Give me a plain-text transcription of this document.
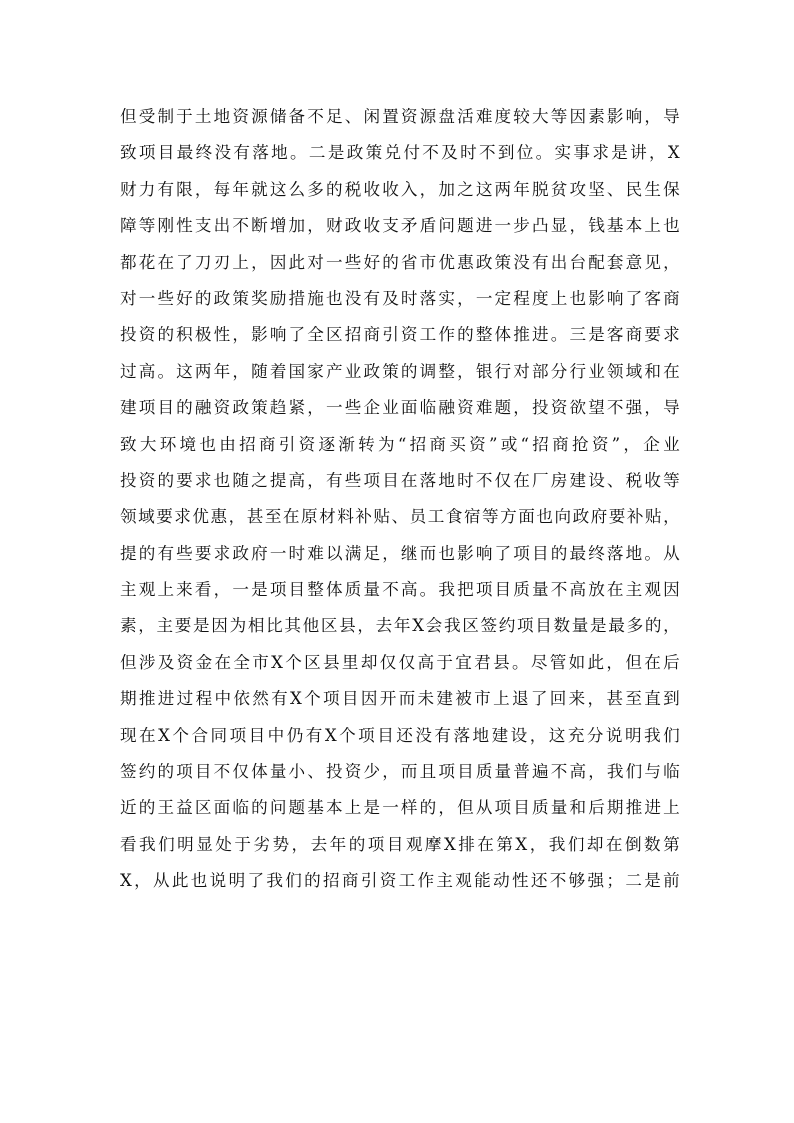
但受制于土地资源储备不足、闲置资源盘活难度较大等因素影响，导
致项目最终没有落地。二是政策兑付不及时不到位。实事求是讲，X
财力有限，每年就这么多的税收收入，加之这两年脱贫攻坚、民生保
障等刚性支出不断增加，财政收支矛盾问题进一步凸显，钱基本上也
都花在了刀刃上，因此对一些好的省市优惠政策没有出台配套意见，
对一些好的政策奖励措施也没有及时落实，一定程度上也影响了客商
投资的积极性，影响了全区招商引资工作的整体推进。三是客商要求
过高。这两年，随着国家产业政策的调整，银行对部分行业领域和在
建项目的融资政策趋紧，一些企业面临融资难题，投资欲望不强，导
致大环境也由招商引资逐渐转为“招商买资”或“招商抢资”，企业
投资的要求也随之提高，有些项目在落地时不仅在厂房建设、税收等
领域要求优惠，甚至在原材料补贴、员工食宿等方面也向政府要补贴，
提的有些要求政府一时难以满足，继而也影响了项目的最终落地。从
主观上来看，一是项目整体质量不高。我把项目质量不高放在主观因
素，主要是因为相比其他区县，去年X会我区签约项目数量是最多的，
但涉及资金在全市X个区县里却仅仅高于宜君县。尽管如此，但在后
期推进过程中依然有X个项目因开而未建被市上退了回来，甚至直到
现在X个合同项目中仍有X个项目还没有落地建设，这充分说明我们
签约的项目不仅体量小、投资少，而且项目质量普遍不高，我们与临
近的王益区面临的问题基本上是一样的，但从项目质量和后期推进上
看我们明显处于劣势，去年的项目观摩X排在第X，我们却在倒数第
X，从此也说明了我们的招商引资工作主观能动性还不够强；二是前
